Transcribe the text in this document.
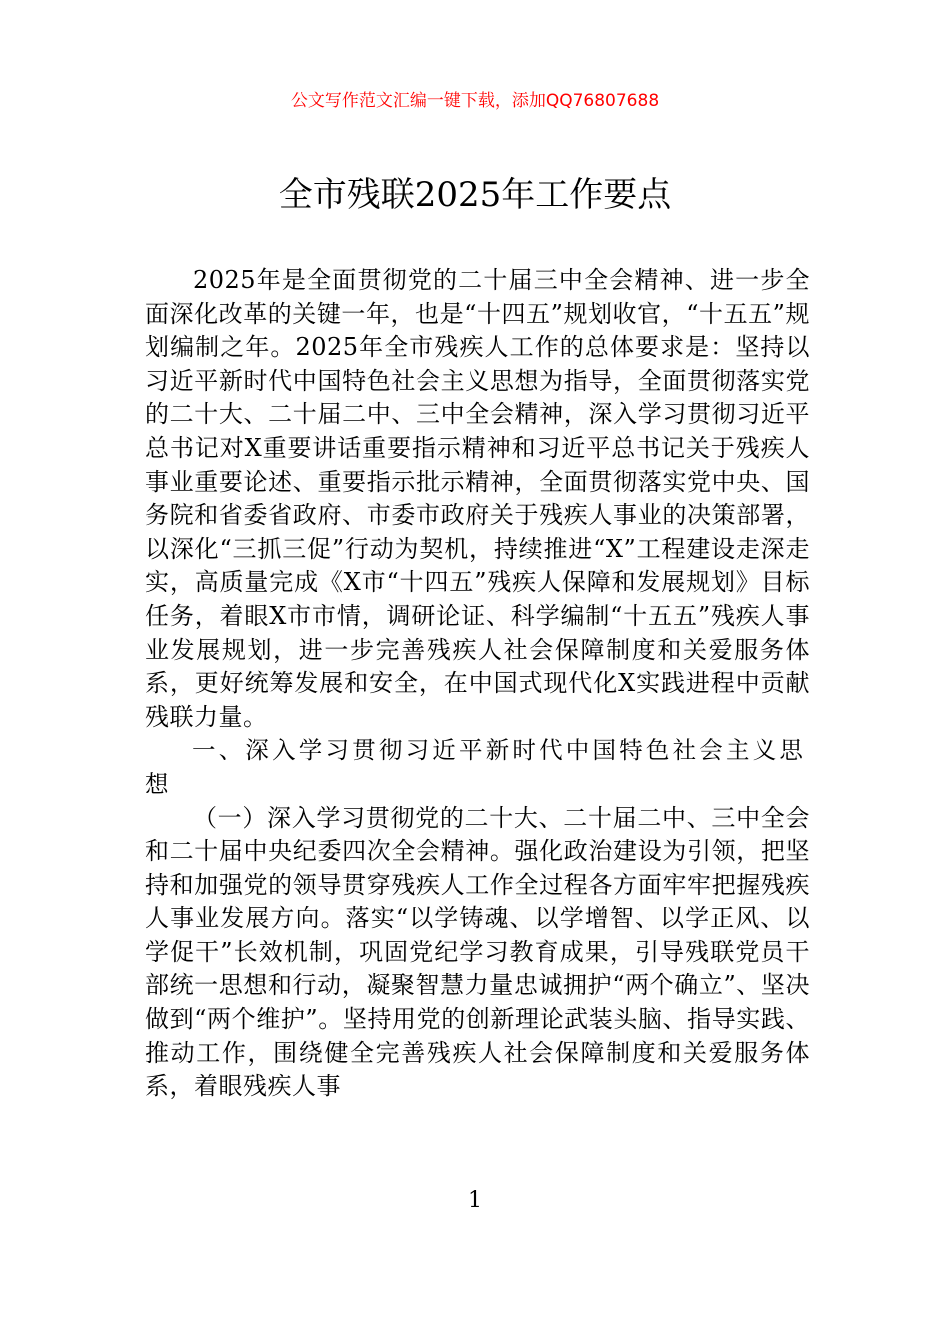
公文写作范文汇编一键下载，添加QQ76807688
全市残联2025年工作要点

2025年是全面贯彻党的二十届三中全会精神、进一步全面深化改革的关键一年，也是“十四五”规划收官，“十五五”规划编制之年。2025年全市残疾人工作的总体要求是：坚持以习近平新时代中国特色社会主义思想为指导，全面贯彻落实党的二十大、二十届二中、三中全会精神，深入学习贯彻习近平总书记对X重要讲话重要指示精神和习近平总书记关于残疾人事业重要论述、重要指示批示精神，全面贯彻落实党中央、国务院和省委省政府、市委市政府关于残疾人事业的决策部署，以深化“三抓三促”行动为契机，持续推进“X”工程建设走深走实，高质量完成《X市“十四五”残疾人保障和发展规划》目标任务，着眼X市市情，调研论证、科学编制“十五五”残疾人事业发展规划，进一步完善残疾人社会保障制度和关爱服务体系，更好统筹发展和安全，在中国式现代化X实践进程中贡献残联力量。

一、深入学习贯彻习近平新时代中国特色社会主义思想

（一）深入学习贯彻党的二十大、二十届二中、三中全会和二十届中央纪委四次全会精神。强化政治建设为引领，把坚持和加强党的领导贯穿残疾人工作全过程各方面牢牢把握残疾人事业发展方向。落实“以学铸魂、以学增智、以学正风、以学促干”长效机制，巩固党纪学习教育成果，引导残联党员干部统一思想和行动，凝聚智慧力量忠诚拥护“两个确立”、坚决做到“两个维护”。坚持用党的创新理论武装头脑、指导实践、推动工作，围绕健全完善残疾人社会保障制度和关爱服务体系，着眼残疾人事

1
